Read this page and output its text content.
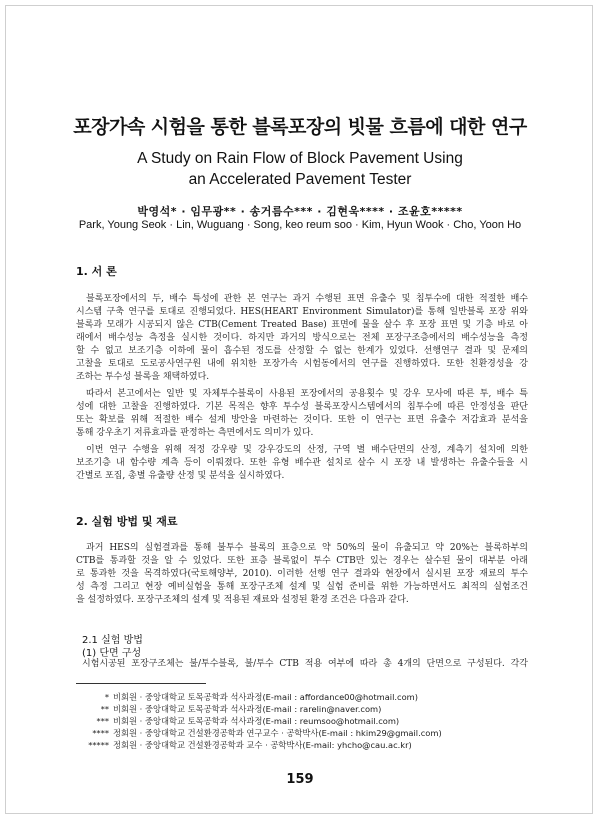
포장가속 시험을 통한 블록포장의 빗물 흐름에 대한 연구
A Study on Rain Flow of Block Pavement Using
an Accelerated Pavement Tester
박영석* · 임무광** · 송거름수*** · 김현욱**** · 조윤호*****
Park, Young Seok · Lin, Wuguang · Song, keo reum soo · Kim, Hyun Wook · Cho, Yoon Ho
1. 서 론
블록포장에서의 두, 배수 특성에 관한 본 연구는 과거 수행된 표면 유출수 및 침투수에 대한 적절한 배수
시스템 구축 연구를 토대로 진행되었다. HES(HEART Environment Simulator)를 통해 일반블록 포장 위와
블록과 모래가 시공되지 않은 CTB(Cement Treated Base) 표면에 물을 살수 후 포장 표면 및 기층 바로 아
래에서 배수성능 측정을 실시한 것이다. 하지만 과거의 방식으로는 전체 포장구조층에서의 배수성능을 측정
할 수 없고 보조기층 이하에 물이 흡수된 정도를 산정할 수 없는 한계가 있었다. 선행연구 결과 및 문제의
고찰을 토대로 도로공사연구원 내에 위치한 포장가속 시험동에서의 연구를 진행하였다. 또한 친환경성을 강
조하는 투수성 블록을 채택하였다.
따라서 본고에서는 일반 및 자체투수블록이 사용된 포장에서의 공용횟수 및 강우 모사에 따른 투, 배수 특
성에 대한 고찰을 진행하였다. 기본 목적은 향후 투수성 블록포장시스템에서의 침투수에 따른 안정성을 판단
또는 확보를 위해 적절한 배수 설계 방안을 마련하는 것이다. 또한 이 연구는 표면 유출수 저감효과 분석을
통해 강우초기 저류효과를 판정하는 측면에서도 의미가 있다.
이번 연구 수행을 위해 적정 강우량 및 강우강도의 산정, 구역 별 배수단면의 산정, 계측기 설치에 의한
보조기층 내 함수량 계측 등이 이뤄졌다. 또한 유형 배수관 설치로 살수 시 포장 내 발생하는 유출수들을 시
간별로 포집, 총별 유출량 산정 및 분석을 실시하였다.
2. 실험 방법 및 재료
과거 HES의 실험결과를 통해 불투수 블록의 표층으로 약 50%의 물이 유출되고 약 20%는 블록하부의
CTB를 통과할 것을 알 수 있었다. 또한 표층 블록없이 투수 CTB만 있는 경우는 살수된 물이 대부분 아래
로 통과한 것을 목격하였다(국토해양부, 2010). 이러한 선행 연구 결과와 현장에서 실시된 포장 재료의 투수
성 측정 그리고 현장 예비실험을 통해 포장구조체 설계 및 실험 준비를 위한 가능하면서도 최적의 실험조건
을 설정하였다. 포장구조체의 설계 및 적용된 재료와 설정된 환경 조건은 다음과 같다.
2.1 실험 방법
(1) 단면 구성
시험시공된 포장구조체는 불/투수블록, 불/투수 CTB 적용 여부에 따라 총 4개의 단면으로 구성된다. 각각
* 비회원 · 중앙대학교 토목공학과 석사과정(E-mail : affordance00@hotmail.com)
** 비회원 · 중앙대학교 토목공학과 석사과정(E-mail : rarelin@naver.com)
*** 비회원 · 중앙대학교 토목공학과 석사과정(E-mail : reumsoo@hotmail.com)
**** 정회원 · 중앙대학교 건설환경공학과 연구교수 · 공학박사(E-mail : hkim29@gmail.com)
***** 정회원 · 중앙대학교 건설환경공학과 교수 · 공학박사(E-mail: yhcho@cau.ac.kr)
159
